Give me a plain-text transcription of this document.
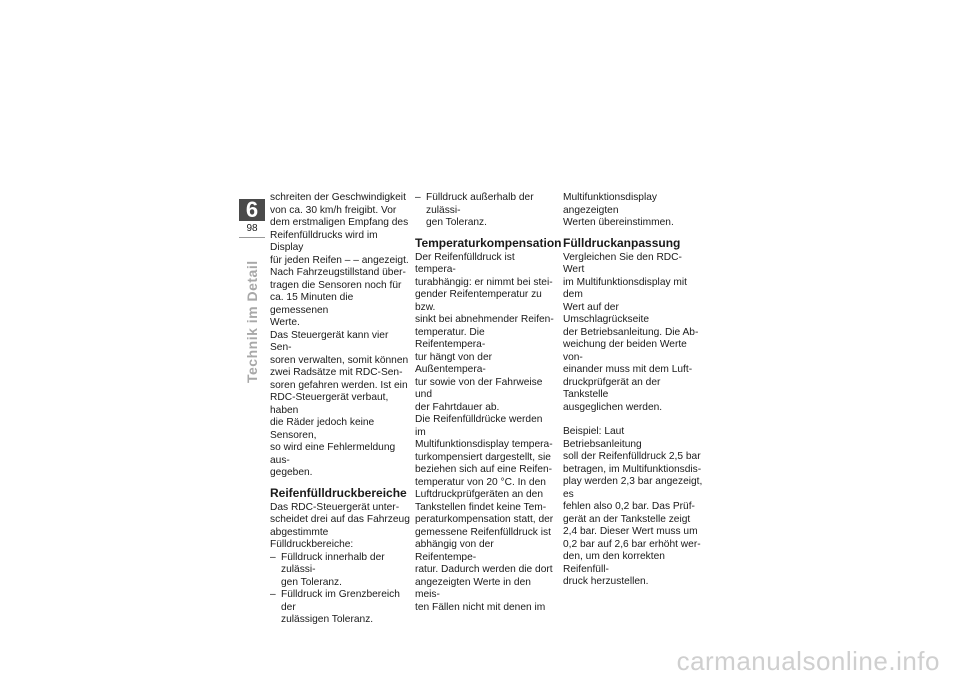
6
98
Technik im Detail

schreiten der Geschwindigkeit
von ca. 30 km/h freigibt. Vor
dem erstmaligen Empfang des
Reifenfülldrucks wird im Display
für jeden Reifen – – angezeigt.
Nach Fahrzeugstillstand über-
tragen die Sensoren noch für
ca. 15 Minuten die gemessenen
Werte.

Das Steuergerät kann vier Sen-
soren verwalten, somit können
zwei Radsätze mit RDC-Sen-
soren gefahren werden. Ist ein
RDC-Steuergerät verbaut, haben
die Räder jedoch keine Sensoren,
so wird eine Fehlermeldung aus-
gegeben.

Reifenfülldruckbereiche

Das RDC-Steuergerät unter-
scheidet drei auf das Fahrzeug
abgestimmte Fülldruckbereiche:

– Fülldruck innerhalb der zulässi-
gen Toleranz.
– Fülldruck im Grenzbereich der
zulässigen Toleranz.
– Fülldruck außerhalb der zulässi-
gen Toleranz.
Temperaturkompensation

Der Reifenfülldruck ist tempera-
turabhängig: er nimmt bei stei-
gender Reifentemperatur zu bzw.
sinkt bei abnehmender Reifen-
temperatur. Die Reifentempera-
tur hängt von der Außentempera-
tur sowie von der Fahrweise und
der Fahrtdauer ab.

Die Reifenfülldrücke werden im
Multifunktionsdisplay tempera-
turkompensiert dargestellt, sie
beziehen sich auf eine Reifen-
temperatur von 20 °C. In den
Luftdruckprüfgeräten an den
Tankstellen findet keine Tem-
peraturkompensation statt, der
gemessene Reifenfülldruck ist
abhängig von der Reifentempe-
ratur. Dadurch werden die dort
angezeigten Werte in den meis-
ten Fällen nicht mit denen im

Multifunktionsdisplay angezeigten
Werten übereinstimmen.

Fülldruckanpassung

Vergleichen Sie den RDC-Wert
im Multifunktionsdisplay mit dem
Wert auf der Umschlagrückseite
der Betriebsanleitung. Die Ab-
weichung der beiden Werte von-
einander muss mit dem Luft-
druckprüfgerät an der Tankstelle
ausgeglichen werden.

Beispiel: Laut Betriebsanleitung
soll der Reifenfülldruck 2,5 bar
betragen, im Multifunktionsdis-
play werden 2,3 bar angezeigt, es
fehlen also 0,2 bar. Das Prüf-
gerät an der Tankstelle zeigt
2,4 bar. Dieser Wert muss um
0,2 bar auf 2,6 bar erhöht wer-
den, um den korrekten Reifenfüll-
druck herzustellen.

carmanualsonline.info
